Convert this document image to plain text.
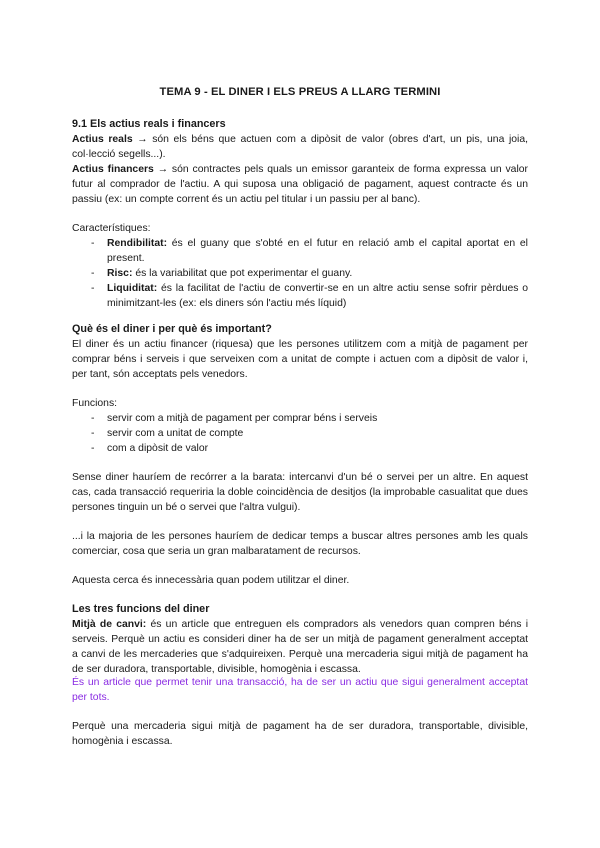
TEMA 9 - EL DINER I ELS PREUS A LLARG TERMINI
9.1 Els actius reals i financers
Actius reals → són els béns que actuen com a dipòsit de valor (obres d'art, un pis, una joia, col·lecció segells...).
Actius financers → són contractes pels quals un emissor garanteix de forma expressa un valor futur al comprador de l'actiu. A qui suposa una obligació de pagament, aquest contracte és un passiu (ex: un compte corrent és un actiu pel titular i un passiu per al banc).
Característiques:
- Rendibilitat: és el guany que s'obté en el futur en relació amb el capital aportat en el present.
- Risc: és la variabilitat que pot experimentar el guany.
- Liquiditat: és la facilitat de l'actiu de convertir-se en un altre actiu sense sofrir pèrdues o minimitzant-les (ex: els diners són l'actiu més líquid)
Què és el diner i per què és important?
El diner és un actiu financer (riquesa) que les persones utilitzem com a mitjà de pagament per comprar béns i serveis i que serveixen com a unitat de compte i actuen com a dipòsit de valor i, per tant, són acceptats pels venedors.
Funcions:
- servir com a mitjà de pagament per comprar béns i serveis
- servir com a unitat de compte
- com a dipòsit de valor
Sense diner hauríem de recórrer a la barata: intercanvi d'un bé o servei per un altre. En aquest cas, cada transacció requeriria la doble coincidència de desitjos (la improbable casualitat que dues persones tinguin un bé o servei que l'altra vulgui).
...i la majoria de les persones hauríem de dedicar temps a buscar altres persones amb les quals comerciar, cosa que seria un gran malbaratament de recursos.
Aquesta cerca és innecessària quan podem utilitzar el diner.
Les tres funcions del diner
Mitjà de canvi: és un article que entreguen els compradors als venedors quan compren béns i serveis. Perquè un actiu es consideri diner ha de ser un mitjà de pagament generalment acceptat a canvi de les mercaderies que s'adquireixen. Perquè una mercaderia sigui mitjà de pagament ha de ser duradora, transportable, divisible, homogènia i escassa.
És un article que permet tenir una transacció, ha de ser un actiu que sigui generalment acceptat per tots.
Perquè una mercaderia sigui mitjà de pagament ha de ser duradora, transportable, divisible, homogènia i escassa.
